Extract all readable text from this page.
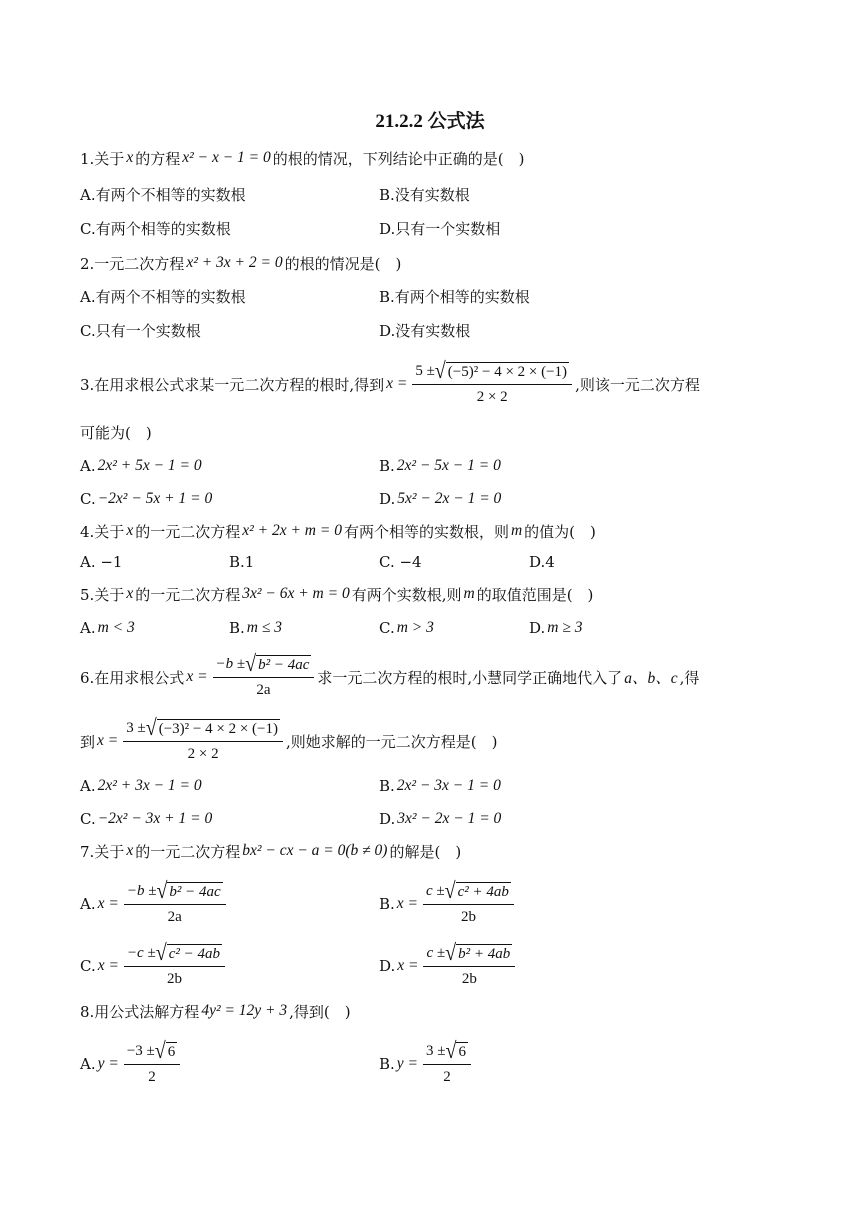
21.2.2 公式法
1.关于 x 的方程 x² − x − 1 = 0 的根的情况，下列结论中正确的是(　)
A.有两个不相等的实数根	B.没有实数根
C.有两个相等的实数根	D.只有一个实数相
2.一元二次方程 x² + 3x + 2 = 0 的根的情况是(　)
A.有两个不相等的实数根	B.有两个相等的实数根
C.只有一个实数根	D.没有实数根
3.在用求根公式求某一元二次方程的根时,得到 $x = \frac{\text{5 ± √ (−5)² − 4 × 2 × (−1)}}{2 \times 2}$ ,则该一元二次方程
可能为(　)
A. 2x² + 5x − 1 = 0	B. 2x² − 5x − 1 = 0
C. −2x² − 5x + 1 = 0	D. 5x² − 2x − 1 = 0
4.关于 x 的一元二次方程 x² + 2x + m = 0 有两个相等的实数根，则 m 的值为(　)
A. −1	B.1	C. −4	D.4
5.关于 x 的一元二次方程 3x² − 6x + m = 0 有两个实数根,则 m 的取值范围是(　)
A. m < 3	B. m ≤ 3	C. m > 3	D. m ≥ 3
6.在用求根公式 $x = \frac{\text{−b ± √ b² − 4ac}}{2a}$ 求一元二次方程的根时,小慧同学正确地代入了 a、b、c ,得
到 $x = \frac{\text{3 ± √ (−3)² − 4 × 2 × (−1)}}{2 \times 2}$ ,则她求解的一元二次方程是(　)
A. 2x² + 3x − 1 = 0	B. 2x² − 3x − 1 = 0
C. −2x² − 3x + 1 = 0	D. 3x² − 2x − 1 = 0
7.关于 x 的一元二次方程 bx² − cx − a = 0(b ≠ 0) 的解是(　)
A. $x = \frac{\text{−b ± √ b² − 4ac}}{2a}$	B. $x = \frac{\text{c ± √ c² + 4ab}}{2b}$
C. $x = \frac{\text{−c ± √ c² − 4ab}}{2b}$	D. $x = \frac{\text{c ± √ b² + 4ab}}{2b}$
8.用公式法解方程 4y² = 12y + 3 ,得到(　)
A. $y = \frac{-3 \pm √ 6}{2}$	B. $y = \frac{3 \pm √ 6}{2}$
